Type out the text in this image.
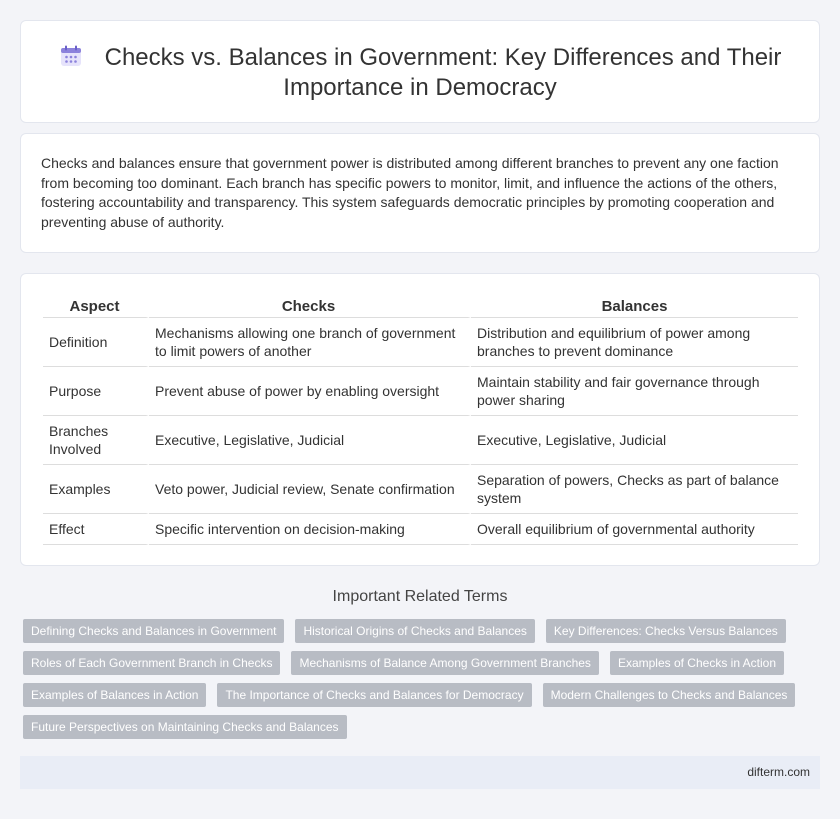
Checks vs. Balances in Government: Key Differences and Their
Importance in Democracy

Checks and balances ensure that government power is distributed among different branches to prevent any one faction from becoming too dominant. Each branch has specific powers to monitor, limit, and influence the actions of the others, fostering accountability and transparency. This system safeguards democratic principles by promoting cooperation and preventing abuse of authority.

Aspect	Checks	Balances
Definition	Mechanisms allowing one branch of government to limit powers of another	Distribution and equilibrium of power among branches to prevent dominance
Purpose	Prevent abuse of power by enabling oversight	Maintain stability and fair governance through power sharing
Branches Involved	Executive, Legislative, Judicial	Executive, Legislative, Judicial
Examples	Veto power, Judicial review, Senate confirmation	Separation of powers, Checks as part of balance system
Effect	Specific intervention on decision-making	Overall equilibrium of governmental authority
Important Related Terms
Defining Checks and Balances in Government	Historical Origins of Checks and Balances	Key Differences: Checks Versus Balances
Roles of Each Government Branch in Checks	Mechanisms of Balance Among Government Branches	Examples of Checks in Action
Examples of Balances in Action	The Importance of Checks and Balances for Democracy	Modern Challenges to Checks and Balances
Future Perspectives on Maintaining Checks and Balances
difterm.com
